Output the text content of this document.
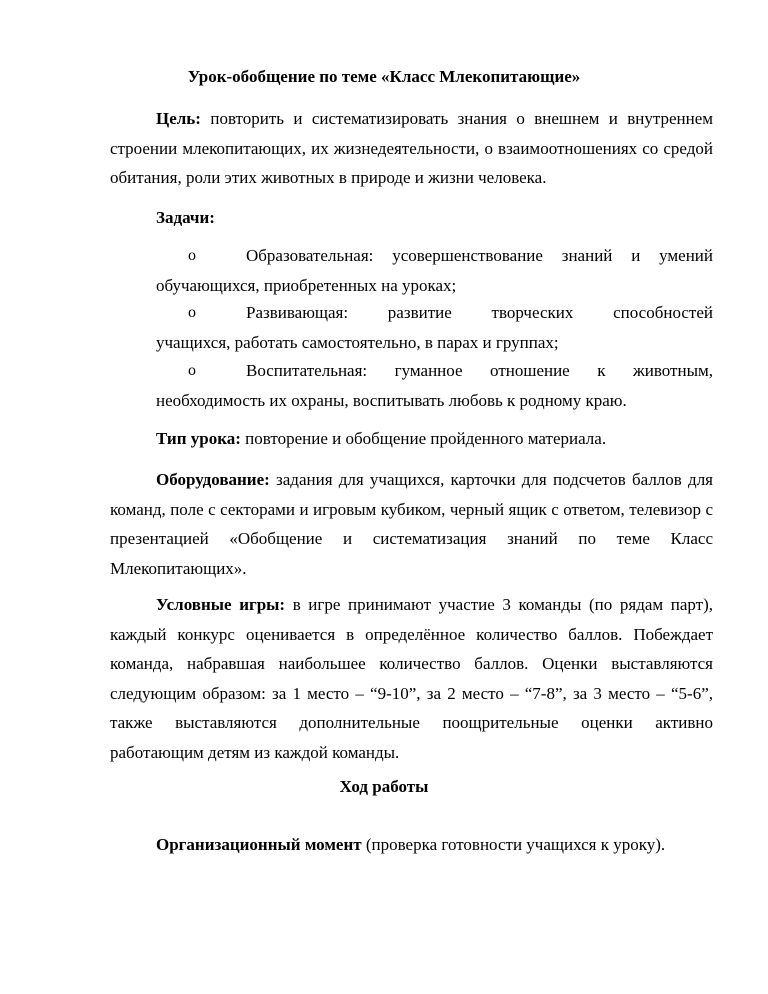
Урок-обобщение по теме «Класс Млекопитающие»
Цель: повторить и систематизировать знания о внешнем и внутреннем строении млекопитающих, их жизнедеятельности, о взаимоотношениях со средой обитания, роли этих животных в природе и жизни человека.
Задачи:
o	Образовательная: усовершенствование знаний и умений
обучающихся, приобретенных на уроках;
o	Развивающая: развитие творческих способностей
учащихся, работать самостоятельно, в парах и группах;
o	Воспитательная: гуманное отношение к животным,
необходимость их охраны, воспитывать любовь к родному краю.
Тип урока: повторение и обобщение пройденного материала.
Оборудование: задания для учащихся, карточки для подсчетов баллов для команд, поле с секторами и игровым кубиком, черный ящик с ответом, телевизор с презентацией «Обобщение и систематизация знаний по теме Класс Млекопитающих».
Условные игры: в игре принимают участие 3 команды (по рядам парт), каждый конкурс оценивается в определённое количество баллов. Побеждает команда, набравшая наибольшее количество баллов. Оценки выставляются следующим образом: за 1 место – “9-10”, за 2 место – “7-8”, за 3 место – “5-6”, также выставляются дополнительные поощрительные оценки активно работающим детям из каждой команды.
Ход работы
Организационный момент (проверка готовности учащихся к уроку).
